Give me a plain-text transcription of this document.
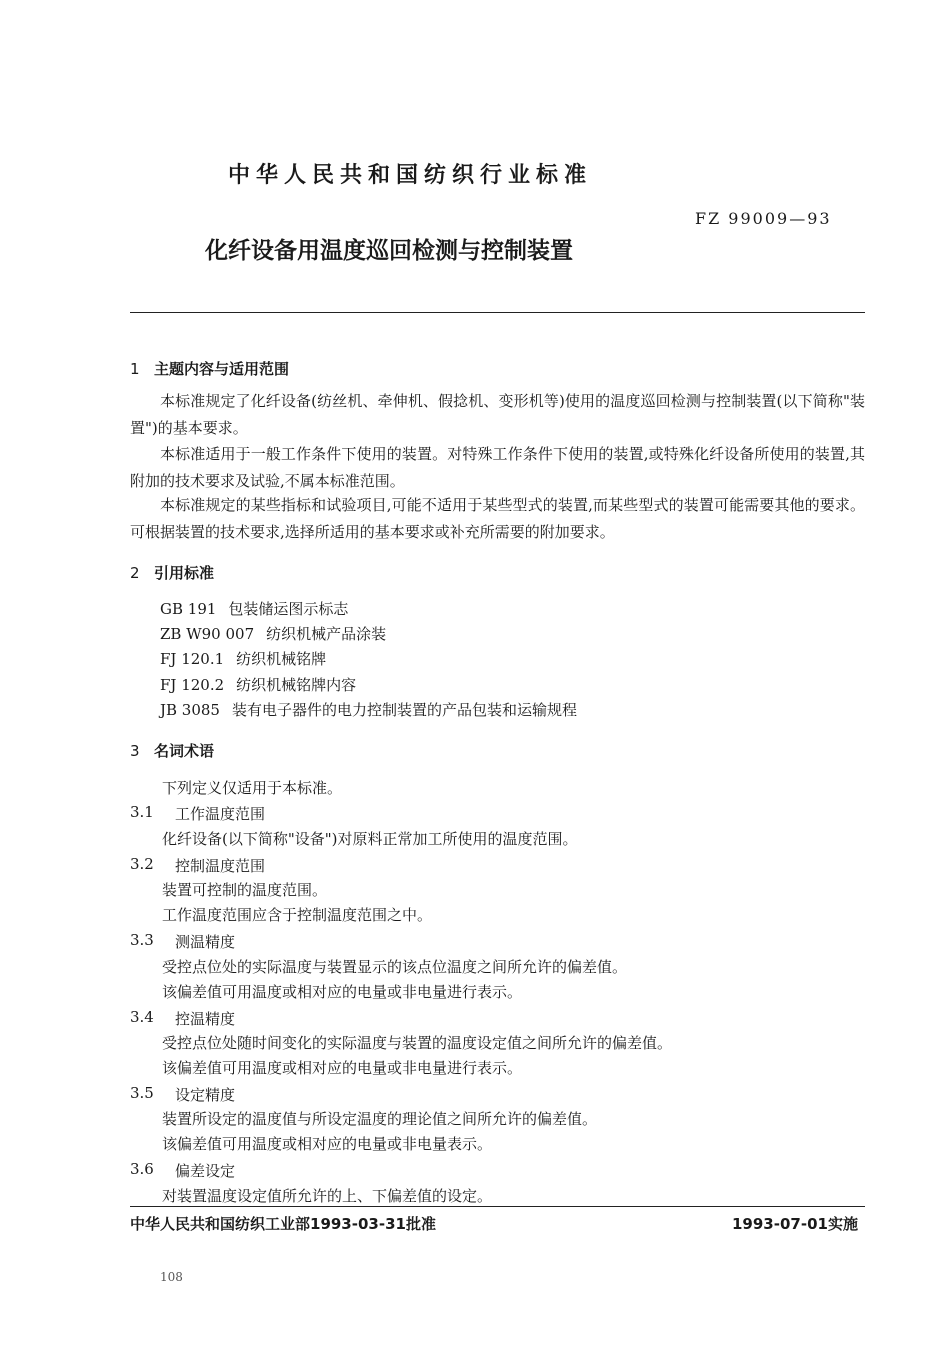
中华人民共和国纺织行业标准
FZ 99009—93
化纤设备用温度巡回检测与控制装置
1 主题内容与适用范围
本标准规定了化纤设备(纺丝机、牵伸机、假捻机、变形机等)使用的温度巡回检测与控制装置(以下简称"装置")的基本要求。
本标准适用于一般工作条件下使用的装置。对特殊工作条件下使用的装置,或特殊化纤设备所使用的装置,其附加的技术要求及试验,不属本标准范围。
本标准规定的某些指标和试验项目,可能不适用于某些型式的装置,而某些型式的装置可能需要其他的要求。可根据装置的技术要求,选择所适用的基本要求或补充所需要的附加要求。
2 引用标准
GB 191 包装储运图示标志
ZB W90 007 纺织机械产品涂装
FJ 120.1 纺织机械铭牌
FJ 120.2 纺织机械铭牌内容
JB 3085 装有电子器件的电力控制装置的产品包装和运输规程
3 名词术语
下列定义仅适用于本标准。
3.1 工作温度范围
化纤设备(以下简称"设备")对原料正常加工所使用的温度范围。
3.2 控制温度范围
装置可控制的温度范围。
工作温度范围应含于控制温度范围之中。
3.3 测温精度
受控点位处的实际温度与装置显示的该点位温度之间所允许的偏差值。
该偏差值可用温度或相对应的电量或非电量进行表示。
3.4 控温精度
受控点位处随时间变化的实际温度与装置的温度设定值之间所允许的偏差值。
该偏差值可用温度或相对应的电量或非电量进行表示。
3.5 设定精度
装置所设定的温度值与所设定温度的理论值之间所允许的偏差值。
该偏差值可用温度或相对应的电量或非电量表示。
3.6 偏差设定
对装置温度设定值所允许的上、下偏差值的设定。
中华人民共和国纺织工业部1993-03-31批准	1993-07-01实施
108
